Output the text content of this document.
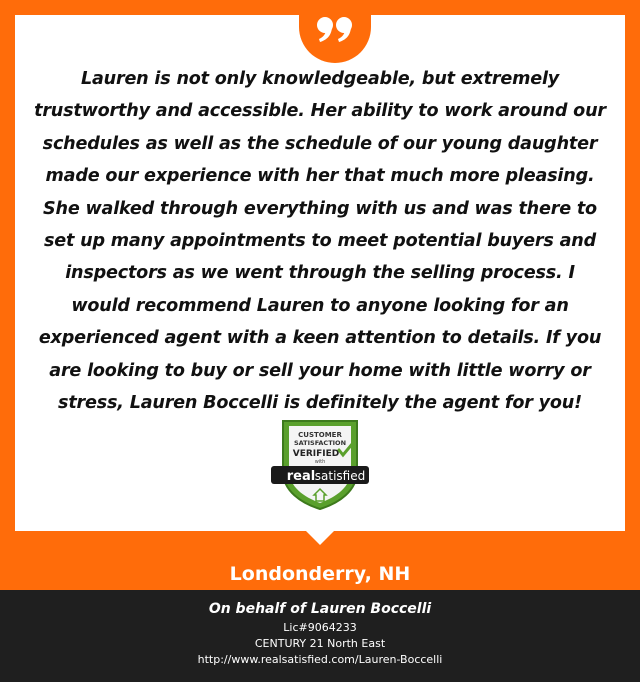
Lauren is not only knowledgeable, but extremely trustworthy and accessible. Her ability to work around our schedules as well as the schedule of our young daughter made our experience with her that much more pleasing. She walked through everything with us and was there to set up many appointments to meet potential buyers and inspectors as we went through the selling process. I would recommend Lauren to anyone looking for an experienced agent with a keen attention to details. If you are looking to buy or sell your home with little worry or stress, Lauren Boccelli is definitely the agent for you!

CUSTOMER
SATISFACTION
VERIFIED
with
real satisfied
Londonderry, NH
On behalf of Lauren Boccelli
Lic#9064233
CENTURY 21 North East
http://www.realsatisfied.com/Lauren-Boccelli
